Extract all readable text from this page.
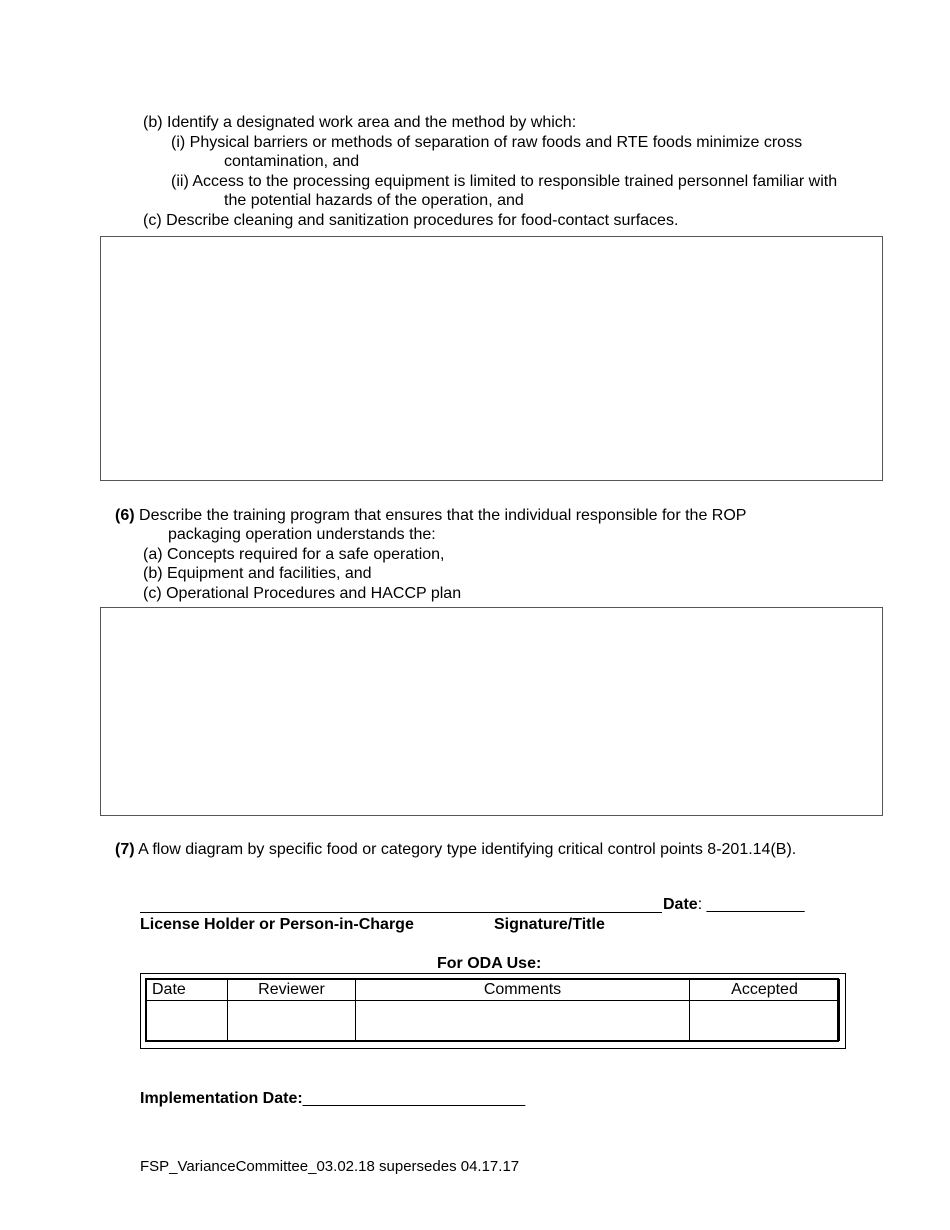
(b) Identify a designated work area and the method by which:
(i) Physical barriers or methods of separation of raw foods and RTE foods minimize cross
contamination, and
(ii) Access to the processing equipment is limited to responsible trained personnel familiar with
the potential hazards of the operation, and
(c) Describe cleaning and sanitization procedures for food-contact surfaces.
(6) Describe the training program that ensures that the individual responsible for the ROP
packaging operation understands the:
(a) Concepts required for a safe operation,
(b) Equipment and facilities, and
(c) Operational Procedures and HACCP plan
(7) A flow diagram by specific food or category type identifying critical control points 8-201.14(B).
Date: ___________
License Holder or Person-in-Charge	Signature/Title
For ODA Use:
Date	Reviewer	Comments	Accepted

Implementation Date:_________________________
FSP_VarianceCommittee_03.02.18 supersedes 04.17.17
